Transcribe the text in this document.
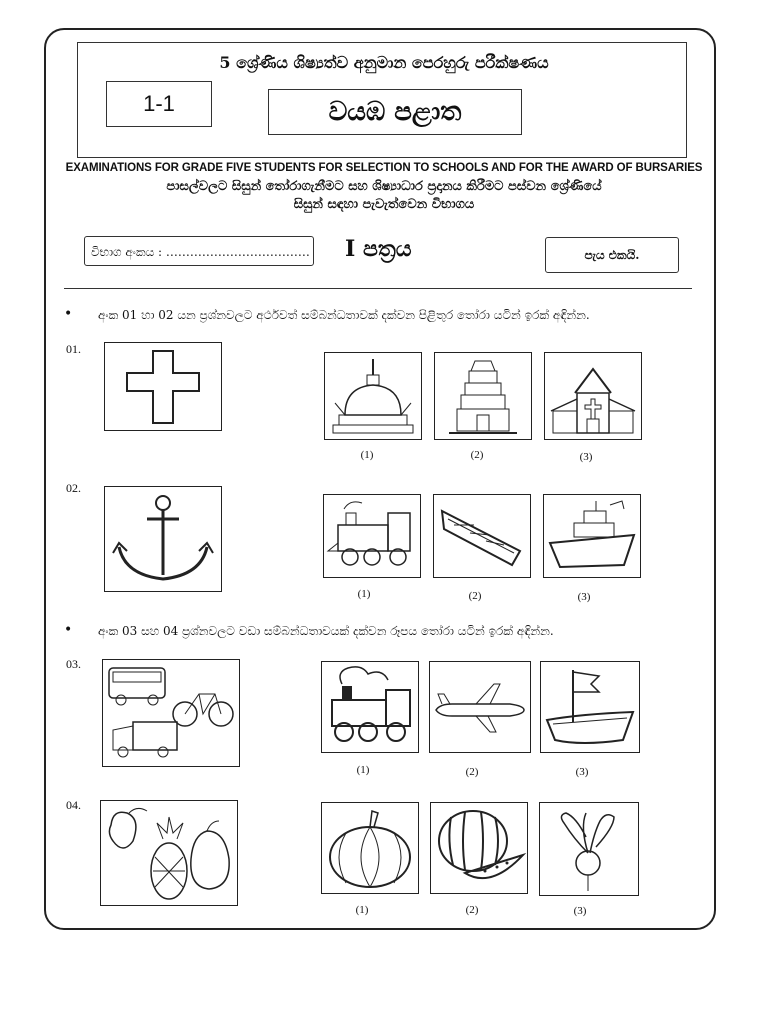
5 ශ්‍රේණිය ශිෂ්‍යත්ව අනුමාන පෙරහුරු පරීක්ෂණය
1-1	වයඹ පළාත
EXAMINATIONS FOR GRADE FIVE STUDENTS FOR SELECTION TO SCHOOLS AND FOR THE AWARD OF BURSARIES
පාසල්වලට සිසුන් තෝරාගැනීමට සහ ශිෂ්‍යාධාර ප්‍රදානය කිරීමට පස්වන ශ්‍රේණියේ
සිසුන් සඳහා පැවැත්වෙන විභාගය
විභාග අංකය : ……………………………… I පත්‍රය	පැය එකයි.
• අංක 01 හා 02 යන ප්‍රශ්නවලට අර්ථවත් සම්බන්ධතාවක් දක්වන පිළිතුර තෝරා යටින් ඉරක් අඳින්න.
01.
(1)	(2)	(3)
02.
(1)	(2)	(3)
• අංක 03 සහ 04 ප්‍රශ්නවලට වඩා සම්බන්ධතාවයක් දක්වන රූපය තෝරා යටින් ඉරක් අඳින්න.
03.
(1)	(2)	(3)
04.
(1)	(2)	(3)
